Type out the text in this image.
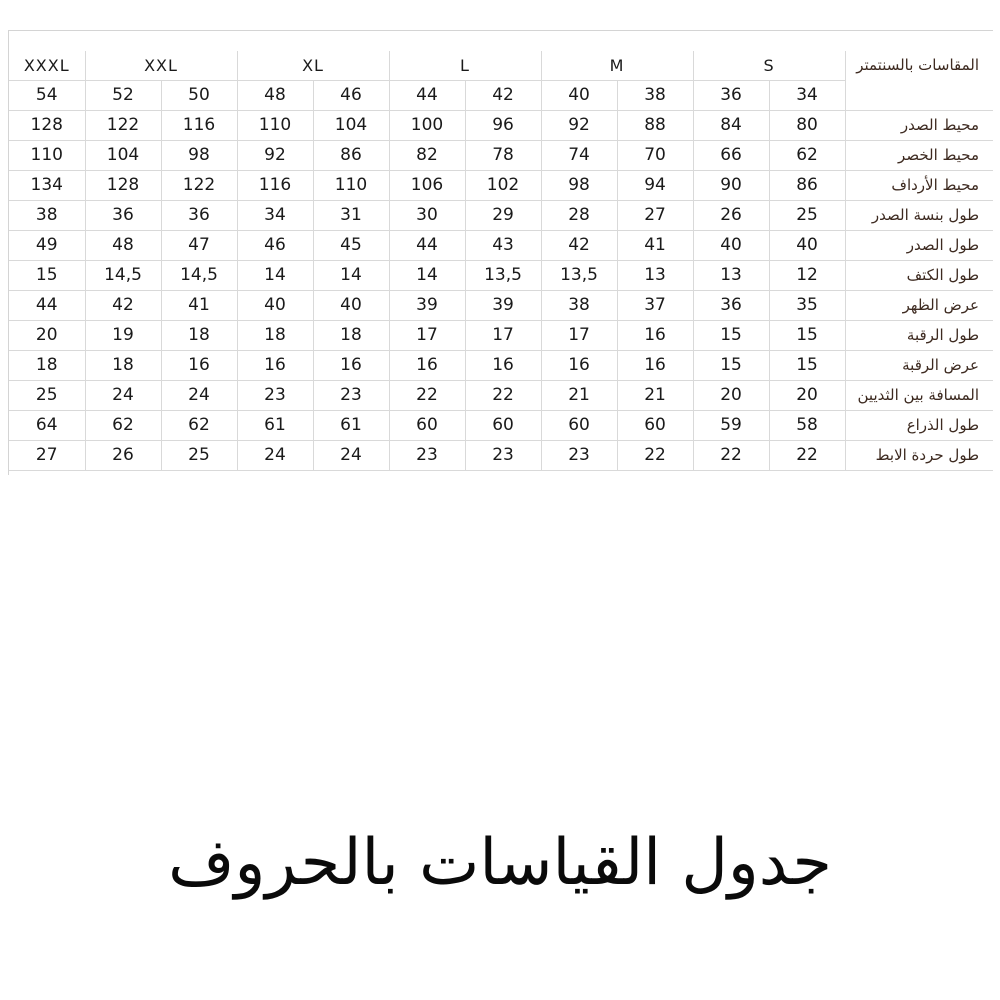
XXXL	XXL		XL		L		M		S		المقاسات بالسنتمتر
54	52	50	48	46	44	42	40	38	36	34	
128	122	116	110	104	100	96	92	88	84	80	محيط الصدر
110	104	98	92	86	82	78	74	70	66	62	محيط الخصر
134	128	122	116	110	106	102	98	94	90	86	محيط الأرداف
38	36	36	34	31	30	29	28	27	26	25	طول بنسة الصدر
49	48	47	46	45	44	43	42	41	40	40	طول الصدر
15	14,5	14,5	14	14	14	13,5	13,5	13	13	12	طول الكتف
44	42	41	40	40	39	39	38	37	36	35	عرض الظهر
20	19	18	18	18	17	17	17	16	15	15	طول الرقبة
18	18	16	16	16	16	16	16	16	15	15	عرض الرقبة
25	24	24	23	23	22	22	21	21	20	20	المسافة بين الثديين
64	62	62	61	61	60	60	60	60	59	58	طول الذراع
27	26	25	24	24	23	23	23	22	22	22	طول حردة الابط
جدول القياسات بالحروف
